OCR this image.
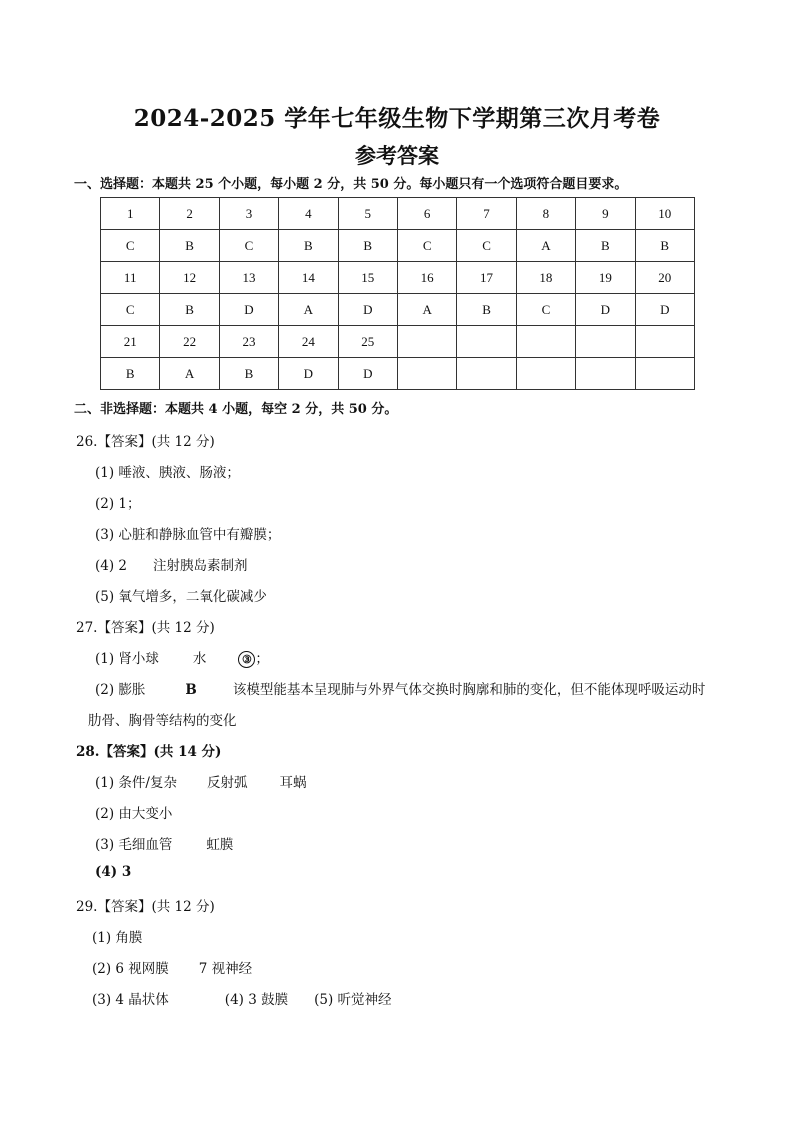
2024-2025 学年七年级生物下学期第三次月考卷
参考答案
一、选择题：本题共 25 个小题，每小题 2 分，共 50 分。每小题只有一个选项符合题目要求。
1	2	3	4	5	6	7	8	9	10
C	B	C	B	B	C	C	A	B	B
11	12	13	14	15	16	17	18	19	20
C	B	D	A	D	A	B	C	D	D
21	22	23	24	25					
B	A	B	D	D					
二、非选择题：本题共 4 小题，每空 2 分，共 50 分。
26.【答案】(共 12 分)
(1) 唾液、胰液、肠液；
(2) 1；
(3) 心脏和静脉血管中有瓣膜；
(4) 2 注射胰岛素制剂
(5) 氧气增多，二氧化碳减少
27.【答案】(共 12 分)
(1) 肾小球	水	③ ；
(2) 膨胀	B	该模型能基本呈现肺与外界气体交换时胸廓和肺的变化，但不能体现呼吸运动时
肋骨、胸骨等结构的变化
28.【答案】(共 14 分)
(1) 条件/复杂 反射弧 耳蜗
(2) 由大变小
(3) 毛细血管	虹膜
(4) 3
29.【答案】(共 12 分)
(1) 角膜
(2) 6 视网膜 7 视神经
(3) 4 晶状体	(4) 3 鼓膜 (5) 听觉神经
